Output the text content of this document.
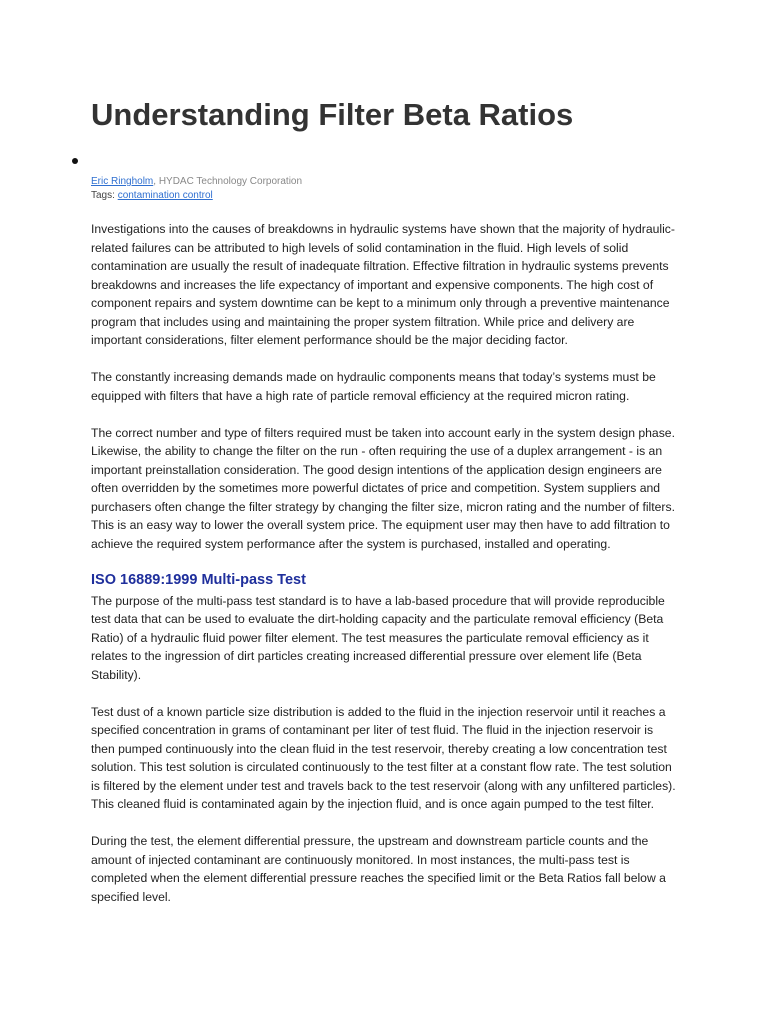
Understanding Filter Beta Ratios
Eric Ringholm, HYDAC Technology Corporation
Tags: contamination control

Investigations into the causes of breakdowns in hydraulic systems have shown that the majority of hydraulic-related failures can be attributed to high levels of solid contamination in the fluid. High levels of solid contamination are usually the result of inadequate filtration. Effective filtration in hydraulic systems prevents breakdowns and increases the life expectancy of important and expensive components. The high cost of component repairs and system downtime can be kept to a minimum only through a preventive maintenance program that includes using and maintaining the proper system filtration. While price and delivery are important considerations, filter element performance should be the major deciding factor.

The constantly increasing demands made on hydraulic components means that today’s systems must be equipped with filters that have a high rate of particle removal efficiency at the required micron rating.

The correct number and type of filters required must be taken into account early in the system design phase. Likewise, the ability to change the filter on the run - often requiring the use of a duplex arrangement - is an important preinstallation consideration. The good design intentions of the application design engineers are often overridden by the sometimes more powerful dictates of price and competition. System suppliers and purchasers often change the filter strategy by changing the filter size, micron rating and the number of filters. This is an easy way to lower the overall system price. The equipment user may then have to add filtration to achieve the required system performance after the system is purchased, installed and operating.

ISO 16889:1999 Multi-pass Test

The purpose of the multi-pass test standard is to have a lab-based procedure that will provide reproducible test data that can be used to evaluate the dirt-holding capacity and the particulate removal efficiency (Beta Ratio) of a hydraulic fluid power filter element. The test measures the particulate removal efficiency as it relates to the ingression of dirt particles creating increased differential pressure over element life (Beta Stability).

Test dust of a known particle size distribution is added to the fluid in the injection reservoir until it reaches a specified concentration in grams of contaminant per liter of test fluid. The fluid in the injection reservoir is then pumped continuously into the clean fluid in the test reservoir, thereby creating a low concentration test solution. This test solution is circulated continuously to the test filter at a constant flow rate. The test solution is filtered by the element under test and travels back to the test reservoir (along with any unfiltered particles). This cleaned fluid is contaminated again by the injection fluid, and is once again pumped to the test filter.

During the test, the element differential pressure, the upstream and downstream particle counts and the amount of injected contaminant are continuously monitored. In most instances, the multi-pass test is completed when the element differential pressure reaches the specified limit or the Beta Ratios fall below a specified level.
